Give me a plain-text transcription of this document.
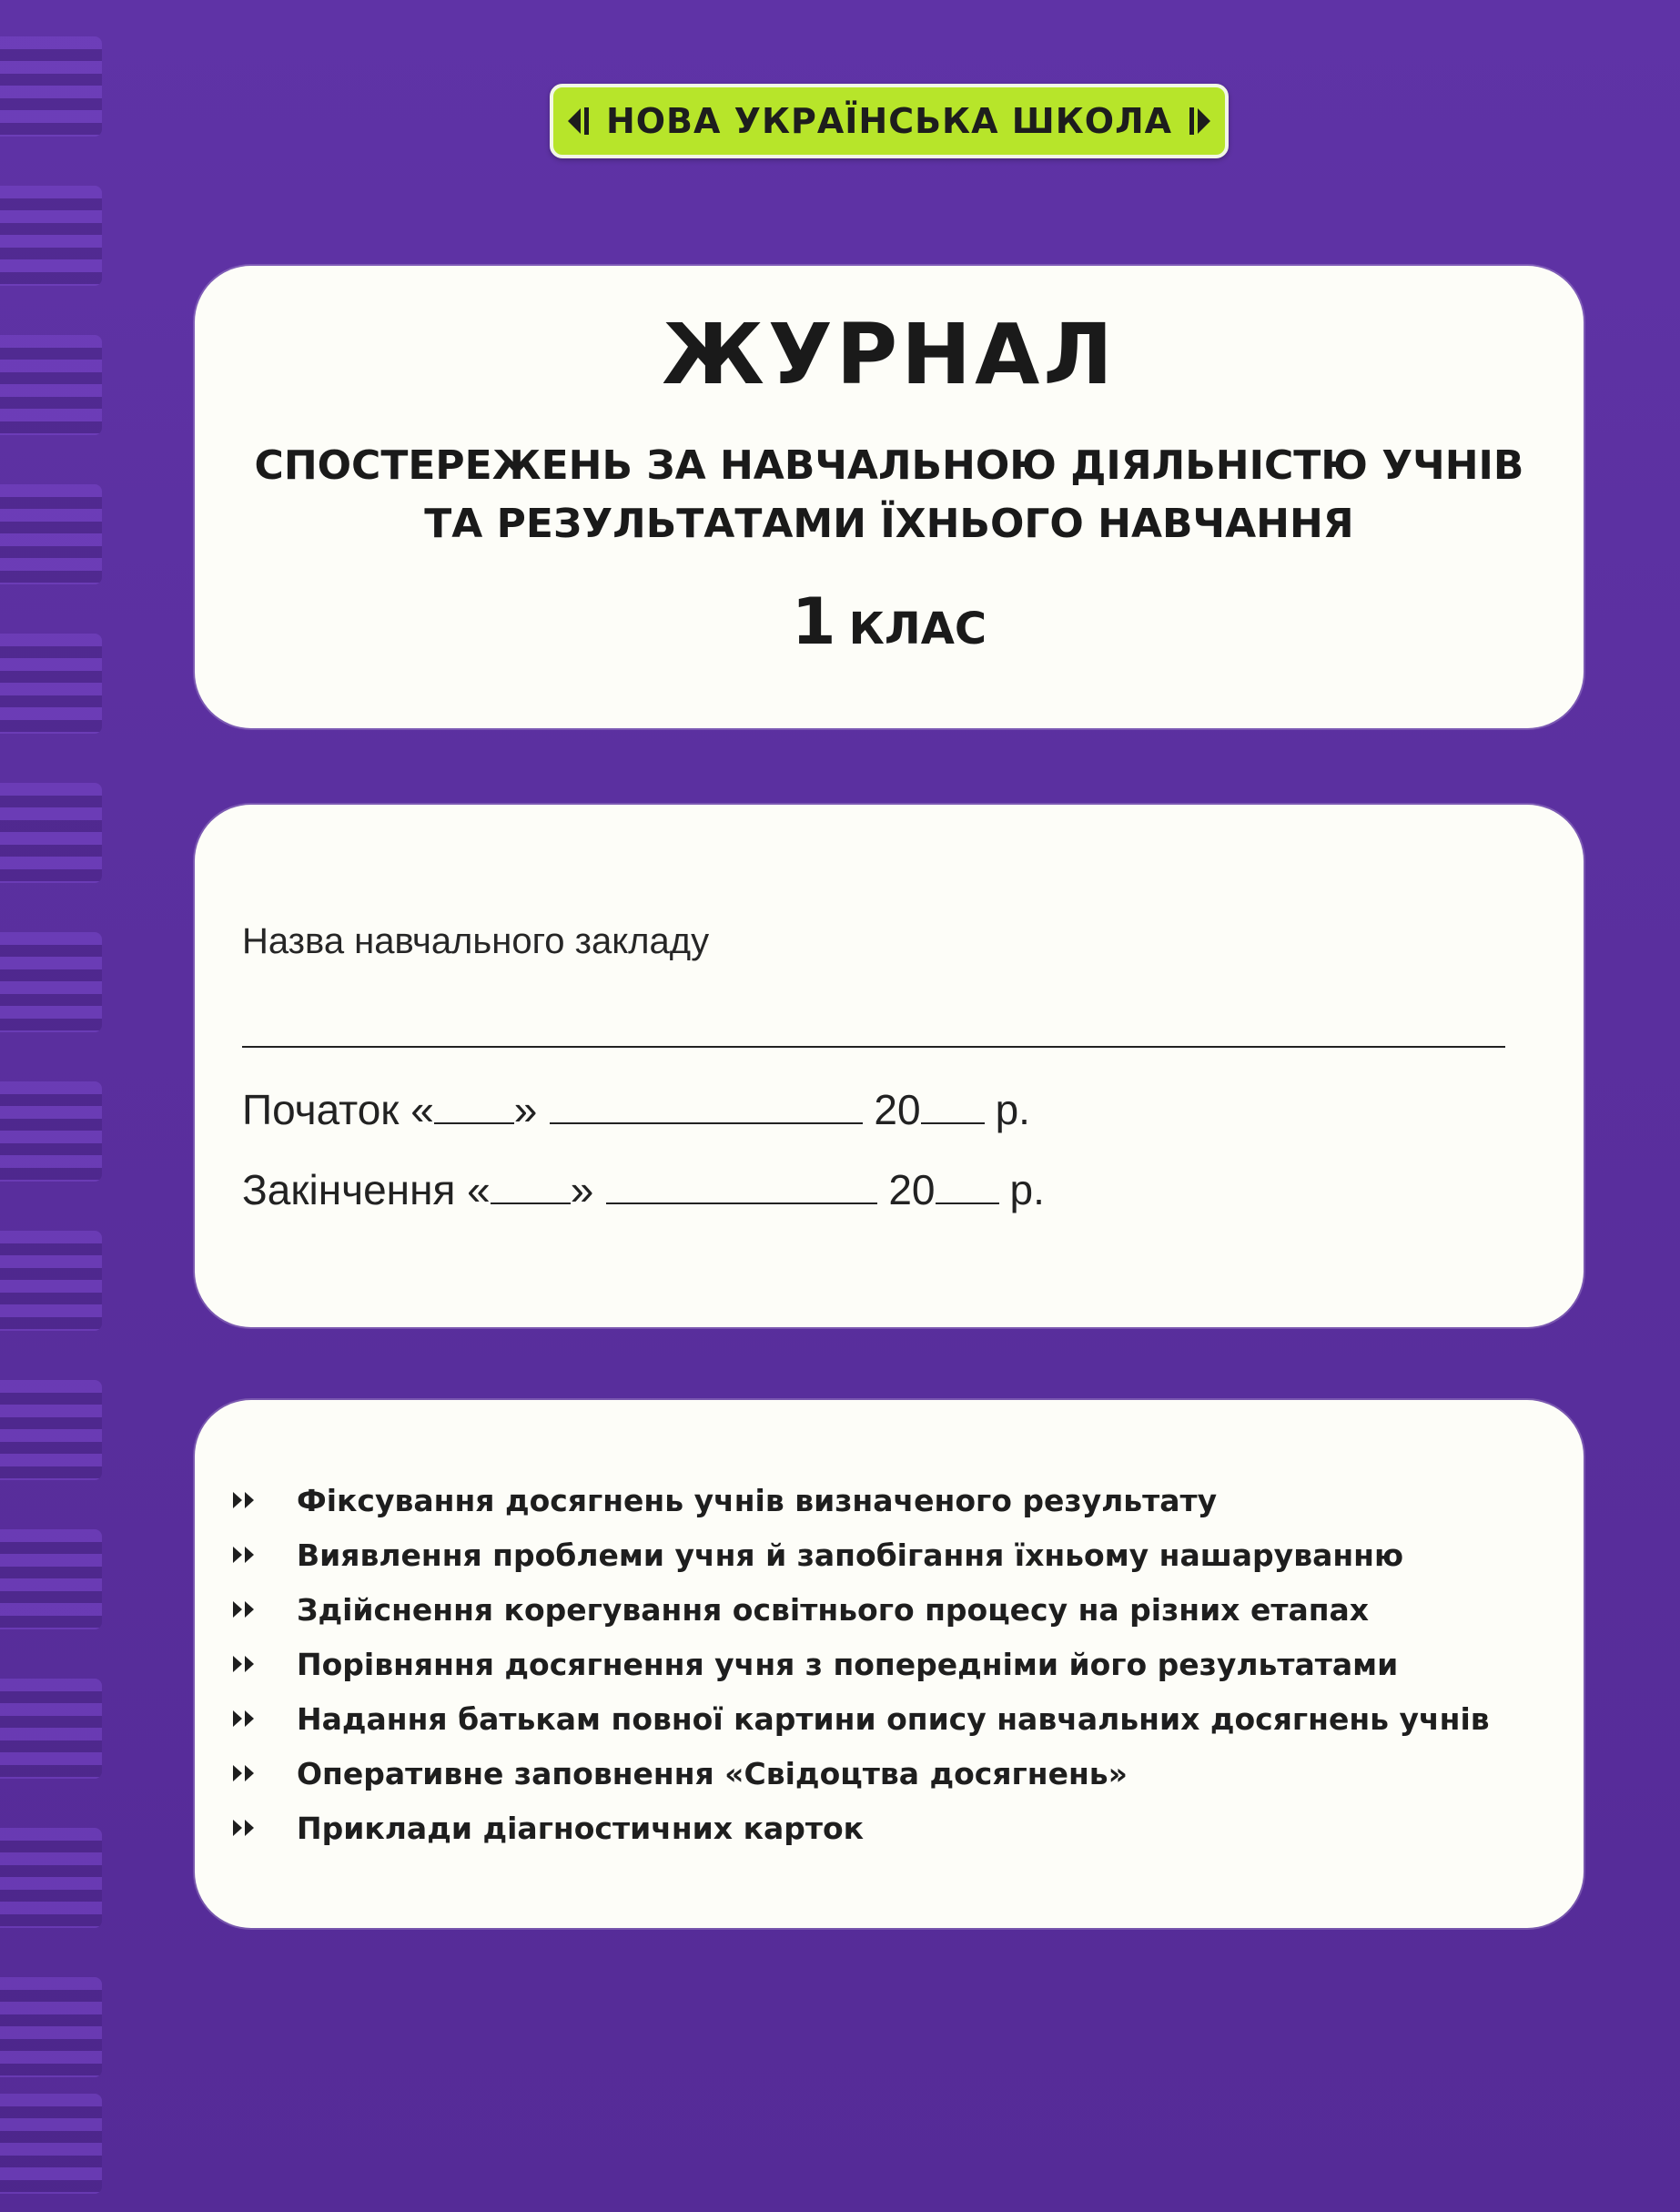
НОВА УКРАЇНСЬКА ШКОЛА
ЖУРНАЛ
СПОСТЕРЕЖЕНЬ ЗА НАВЧАЛЬНОЮ ДІЯЛЬНІСТЮ УЧНІВ
ТА РЕЗУЛЬТАТАМИ ЇХНЬОГО НАВЧАННЯ
1 КЛАС
Назва навчального закладу
Початок « »	20 р.
Закінчення « »	20 р.
Фіксування досягнень учнів визначеного результату
Виявлення проблеми учня й запобігання їхньому нашаруванню
Здійснення корегування освітнього процесу на різних етапах
Порівняння досягнення учня з попередніми його результатами
Надання батькам повної картини опису навчальних досягнень учнів
Оперативне заповнення «Свідоцтва досягнень»
Приклади діагностичних карток
